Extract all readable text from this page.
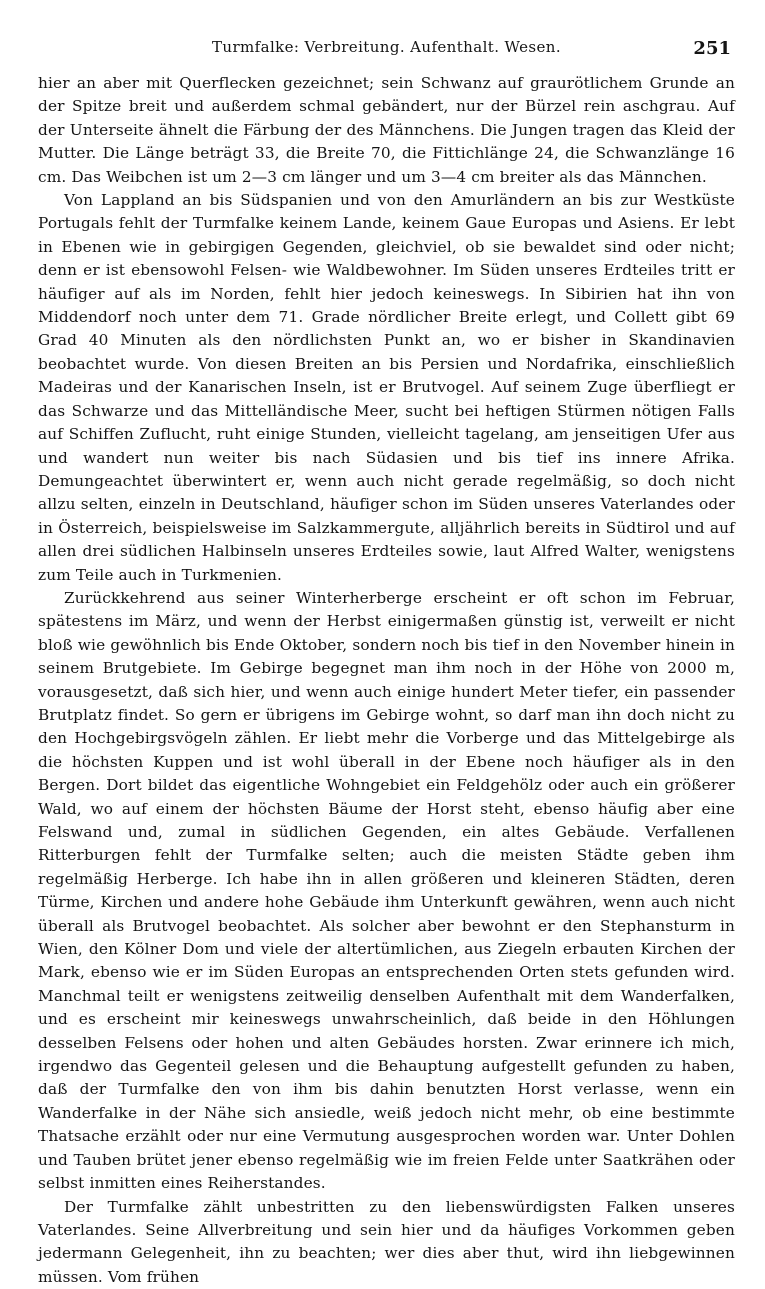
Turmfalke: Verbreitung. Aufenthalt. Wesen.	251

hier an aber mit Querflecken gezeichnet; sein Schwanz auf graurötlichem Grunde an der Spitze breit und außerdem schmal gebändert, nur der Bürzel rein aschgrau. Auf der Unterseite ähnelt die Färbung der des Männchens. Die Jungen tragen das Kleid der Mutter. Die Länge beträgt 33, die Breite 70, die Fittichlänge 24, die Schwanzlänge 16 cm. Das Weibchen ist um 2—3 cm länger und um 3—4 cm breiter als das Männchen.

Von Lappland an bis Südspanien und von den Amurländern an bis zur Westküste Portugals fehlt der Turmfalke keinem Lande, keinem Gaue Europas und Asiens. Er lebt in Ebenen wie in gebirgigen Gegenden, gleichviel, ob sie bewaldet sind oder nicht; denn er ist ebensowohl Felsen- wie Waldbewohner. Im Süden unseres Erdteiles tritt er häufiger auf als im Norden, fehlt hier jedoch keineswegs. In Sibirien hat ihn von Middendorf noch unter dem 71. Grade nördlicher Breite erlegt, und Collett gibt 69 Grad 40 Minuten als den nördlichsten Punkt an, wo er bisher in Skandinavien beobachtet wurde. Von diesen Breiten an bis Persien und Nordafrika, einschließlich Madeiras und der Kanarischen Inseln, ist er Brutvogel. Auf seinem Zuge überfliegt er das Schwarze und das Mittelländische Meer, sucht bei heftigen Stürmen nötigen Falls auf Schiffen Zuflucht, ruht einige Stunden, vielleicht tagelang, am jenseitigen Ufer aus und wandert nun weiter bis nach Südasien und bis tief ins innere Afrika. Demungeachtet überwintert er, wenn auch nicht gerade regelmäßig, so doch nicht allzu selten, einzeln in Deutschland, häufiger schon im Süden unseres Vaterlandes oder in Österreich, beispielsweise im Salzkammergute, alljährlich bereits in Südtirol und auf allen drei südlichen Halbinseln unseres Erdteiles sowie, laut Alfred Walter, wenigstens zum Teile auch in Turkmenien.

Zurückkehrend aus seiner Winterherberge erscheint er oft schon im Februar, spätestens im März, und wenn der Herbst einigermaßen günstig ist, verweilt er nicht bloß wie gewöhnlich bis Ende Oktober, sondern noch bis tief in den November hinein in seinem Brutgebiete. Im Gebirge begegnet man ihm noch in der Höhe von 2000 m, vorausgesetzt, daß sich hier, und wenn auch einige hundert Meter tiefer, ein passender Brutplatz findet. So gern er übrigens im Gebirge wohnt, so darf man ihn doch nicht zu den Hochgebirgsvögeln zählen. Er liebt mehr die Vorberge und das Mittelgebirge als die höchsten Kuppen und ist wohl überall in der Ebene noch häufiger als in den Bergen. Dort bildet das eigentliche Wohngebiet ein Feldgehölz oder auch ein größerer Wald, wo auf einem der höchsten Bäume der Horst steht, ebenso häufig aber eine Felswand und, zumal in südlichen Gegenden, ein altes Gebäude. Verfallenen Ritterburgen fehlt der Turmfalke selten; auch die meisten Städte geben ihm regelmäßig Herberge. Ich habe ihn in allen größeren und kleineren Städten, deren Türme, Kirchen und andere hohe Gebäude ihm Unterkunft gewähren, wenn auch nicht überall als Brutvogel beobachtet. Als solcher aber bewohnt er den Stephansturm in Wien, den Kölner Dom und viele der altertümlichen, aus Ziegeln erbauten Kirchen der Mark, ebenso wie er im Süden Europas an entsprechenden Orten stets gefunden wird. Manchmal teilt er wenigstens zeitweilig denselben Aufenthalt mit dem Wanderfalken, und es erscheint mir keineswegs unwahrscheinlich, daß beide in den Höhlungen desselben Felsens oder hohen und alten Gebäudes horsten. Zwar erinnere ich mich, irgendwo das Gegenteil gelesen und die Behauptung aufgestellt gefunden zu haben, daß der Turmfalke den von ihm bis dahin benutzten Horst verlasse, wenn ein Wanderfalke in der Nähe sich ansiedle, weiß jedoch nicht mehr, ob eine bestimmte Thatsache erzählt oder nur eine Vermutung ausgesprochen worden war. Unter Dohlen und Tauben brütet jener ebenso regelmäßig wie im freien Felde unter Saatkrähen oder selbst inmitten eines Reiherstandes.

Der Turmfalke zählt unbestritten zu den liebenswürdigsten Falken unseres Vaterlandes. Seine Allverbreitung und sein hier und da häufiges Vorkommen geben jedermann Gelegenheit, ihn zu beachten; wer dies aber thut, wird ihn liebgewinnen müssen. Vom frühen
